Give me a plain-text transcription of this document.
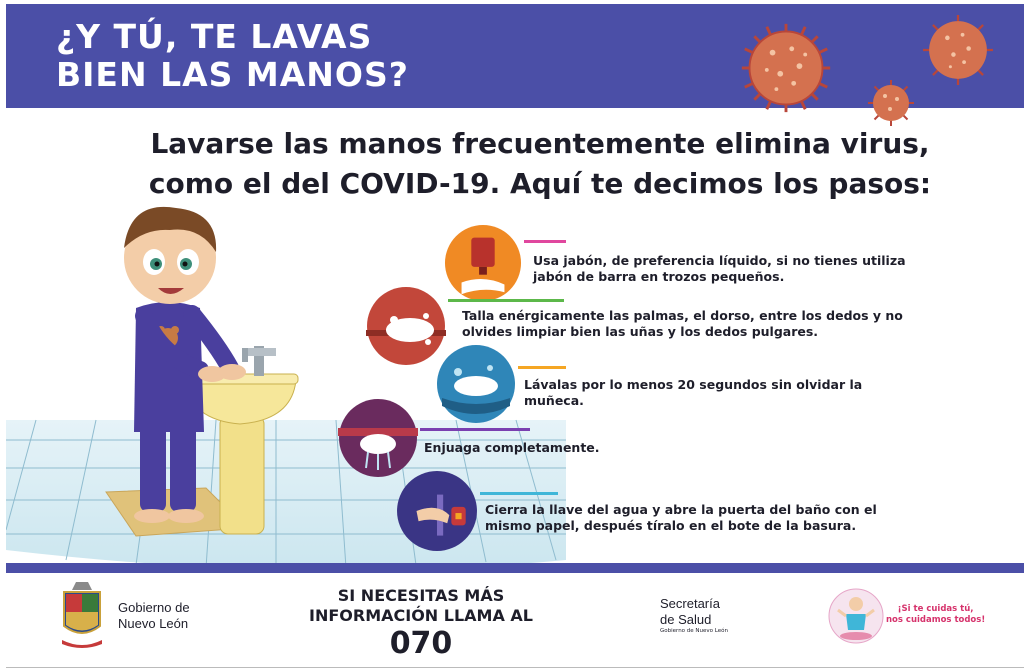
¿Y TÚ, TE LAVAS
BIEN LAS MANOS?
Lavarse las manos frecuentemente elimina virus,
como el del COVID-19. Aquí te decimos los pasos:

Usa jabón, de preferencia líquido, si no tienes utiliza
jabón de barra en trozos pequeños.

Talla enérgicamente las palmas, el dorso, entre los dedos y no
olvides limpiar bien las uñas y los dedos pulgares.

Lávalas por lo menos 20 segundos sin olvidar la
muñeca.

Enjuaga completamente.

Cierra la llave del agua y abre la puerta del baño con el
mismo papel, después tíralo en el bote de la basura.

Gobierno de
Nuevo León

SI NECESITAS MÁS
INFORMACIÓN LLAMA AL
070

Secretaría
de Salud

Gobierno de Nuevo León

¡Si te cuidas tú,
nos cuidamos todos!
